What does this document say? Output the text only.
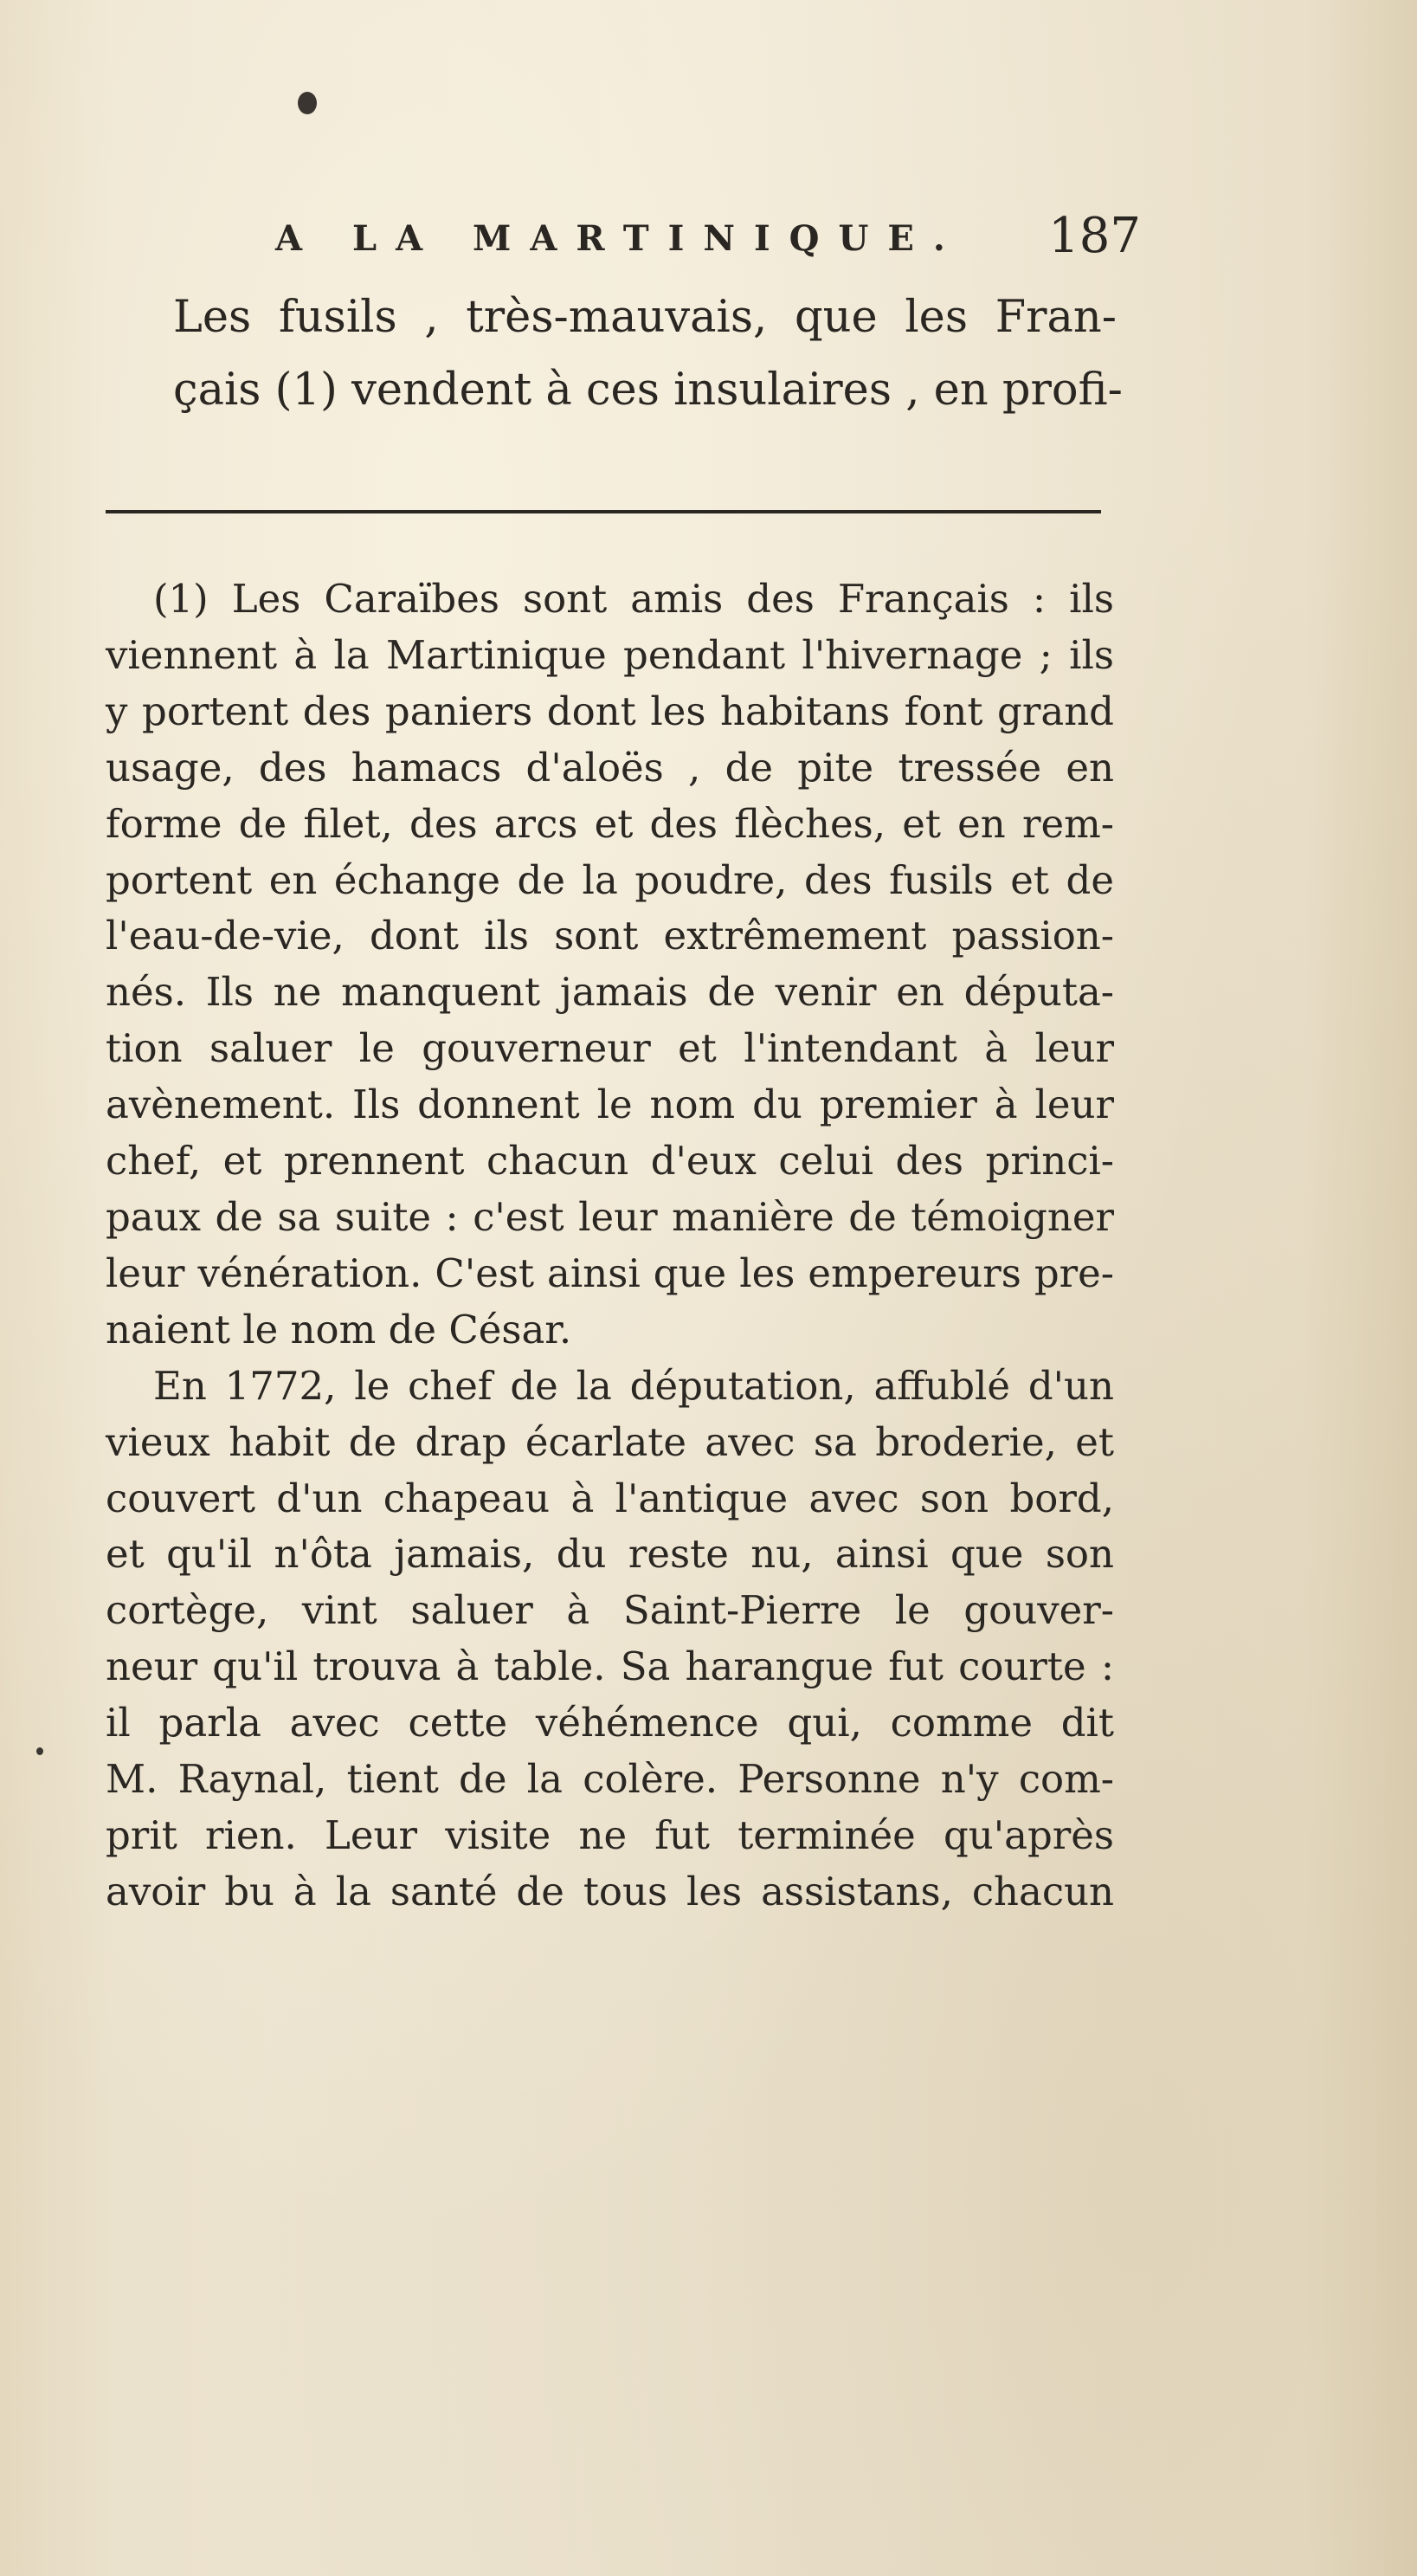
A LA MARTINIQUE. 187
Les fusils , très-mauvais, que les Fran-
çais (1) vendent à ces insulaires , en profi-
(1) Les Caraïbes sont amis des Français : ils
viennent à la Martinique pendant l'hivernage ; ils
y portent des paniers dont les habitans font grand
usage, des hamacs d'aloës , de pite tressée en
forme de filet, des arcs et des flèches, et en rem-
portent en échange de la poudre, des fusils et de
l'eau-de-vie, dont ils sont extrêmement passion-
nés. Ils ne manquent jamais de venir en députa-
tion saluer le gouverneur et l'intendant à leur
avènement. Ils donnent le nom du premier à leur
chef, et prennent chacun d'eux celui des princi-
paux de sa suite : c'est leur manière de témoigner
leur vénération. C'est ainsi que les empereurs pre-
naient le nom de César.
En 1772, le chef de la députation, affublé d'un
vieux habit de drap écarlate avec sa broderie, et
couvert d'un chapeau à l'antique avec son bord,
et qu'il n'ôta jamais, du reste nu, ainsi que son
cortège, vint saluer à Saint-Pierre le gouver-
neur qu'il trouva à table. Sa harangue fut courte :
il parla avec cette véhémence qui, comme dit
M. Raynal, tient de la colère. Personne n'y com-
prit rien. Leur visite ne fut terminée qu'après
avoir bu à la santé de tous les assistans, chacun
